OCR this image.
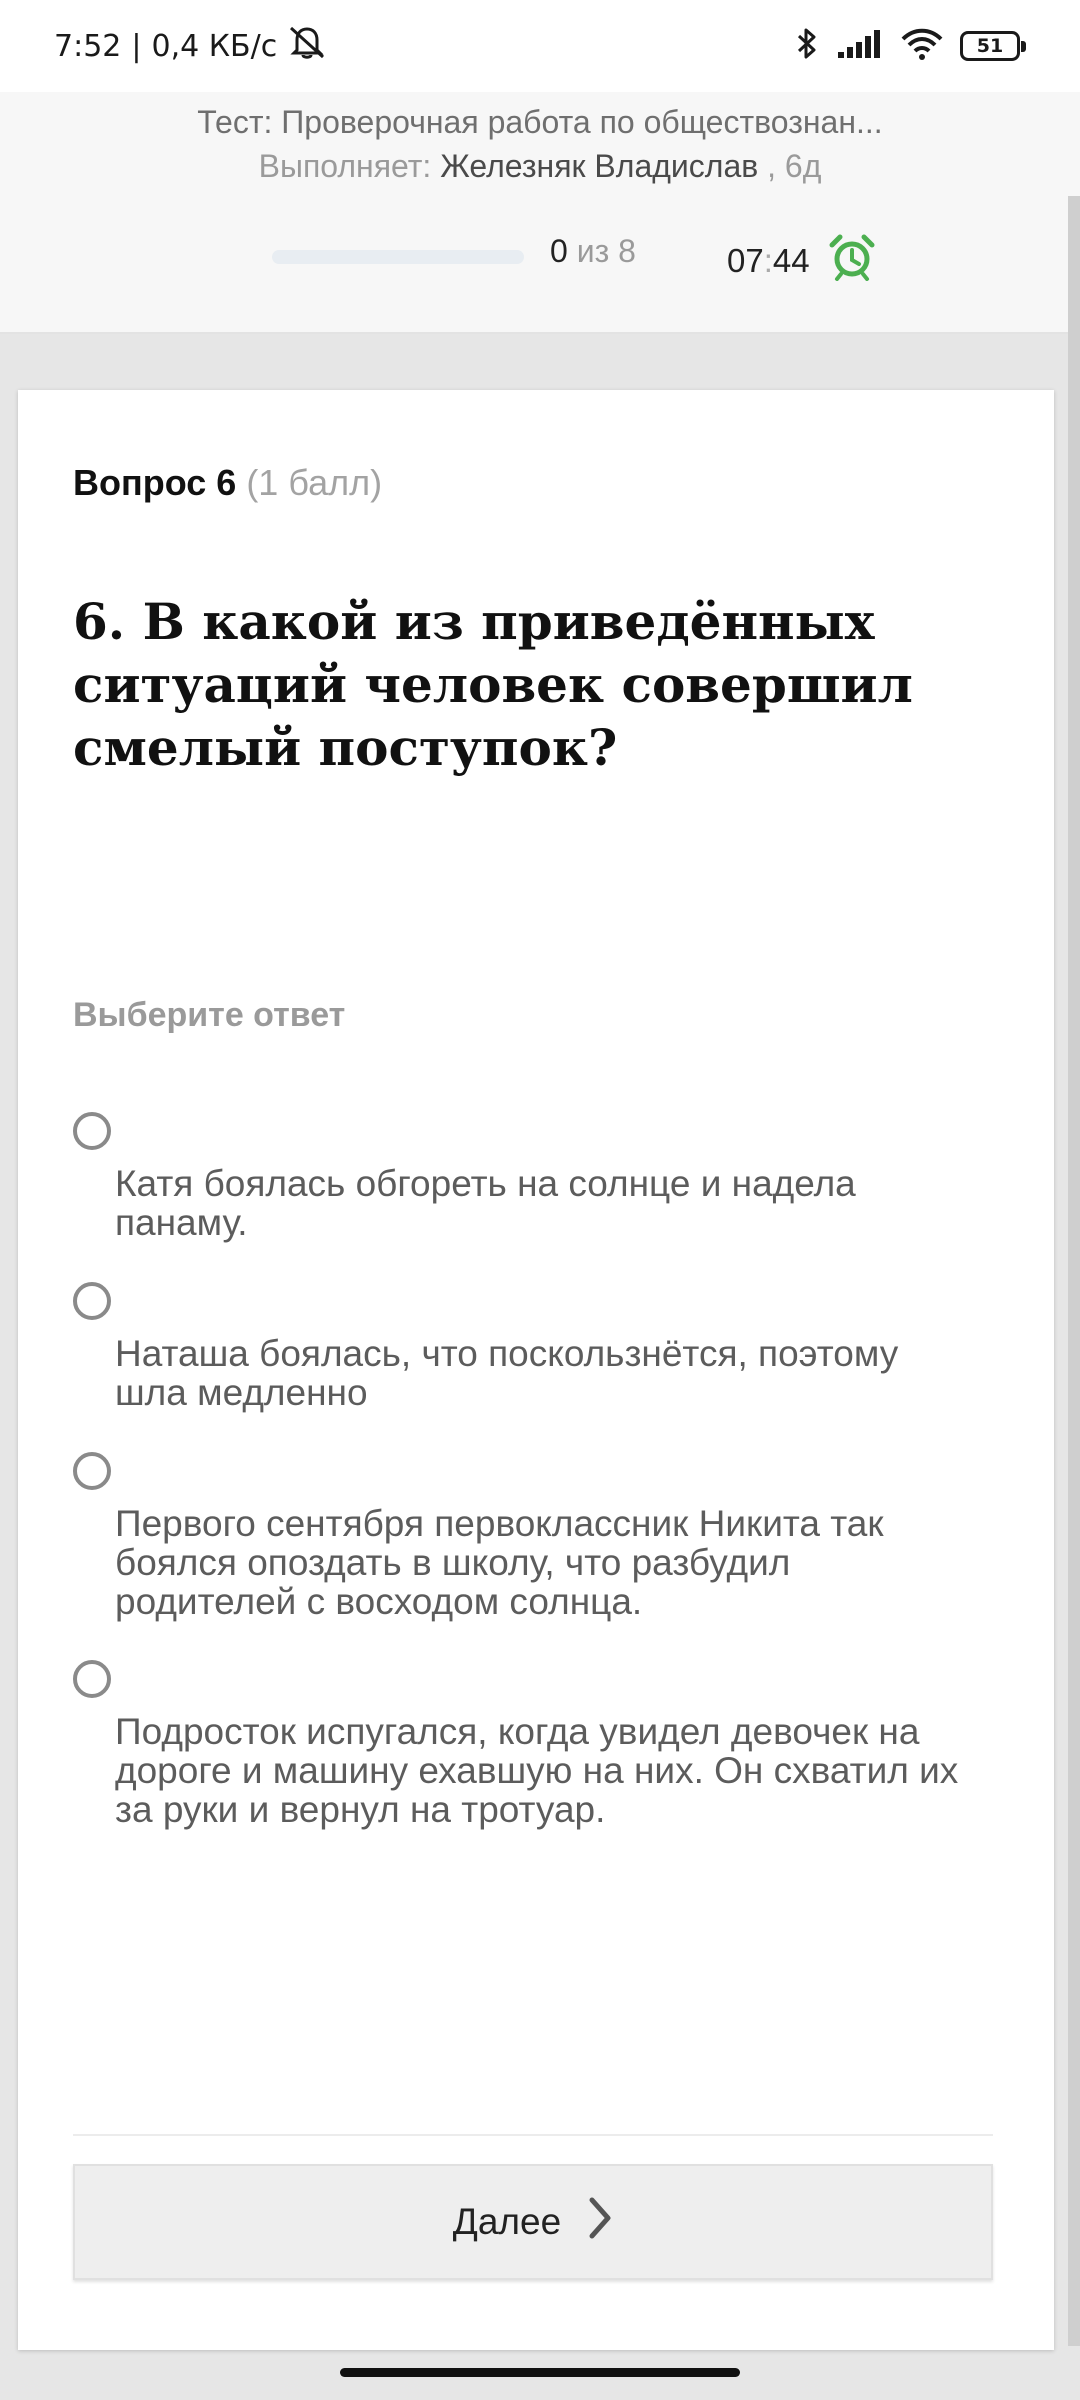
7:52 | 0,4 КБ/с	51
Тест: Проверочная работа по обществознан...
Выполняет: Железняк Владислав , 6д
0 из 8	07:44
Вопрос 6 (1 балл)
6. В какой из приведённых ситуаций человек совершил смелый поступок?
Выберите ответ
Катя боялась обгореть на солнце и надела панаму.
Наташа боялась, что поскользнётся, поэтому шла медленно
Первого сентября первоклассник Никита так боялся опоздать в школу, что разбудил родителей с восходом солнца.
Подросток испугался, когда увидел девочек на дороге и машину ехавшую на них. Он схватил их за руки и вернул на тротуар.
Далее
